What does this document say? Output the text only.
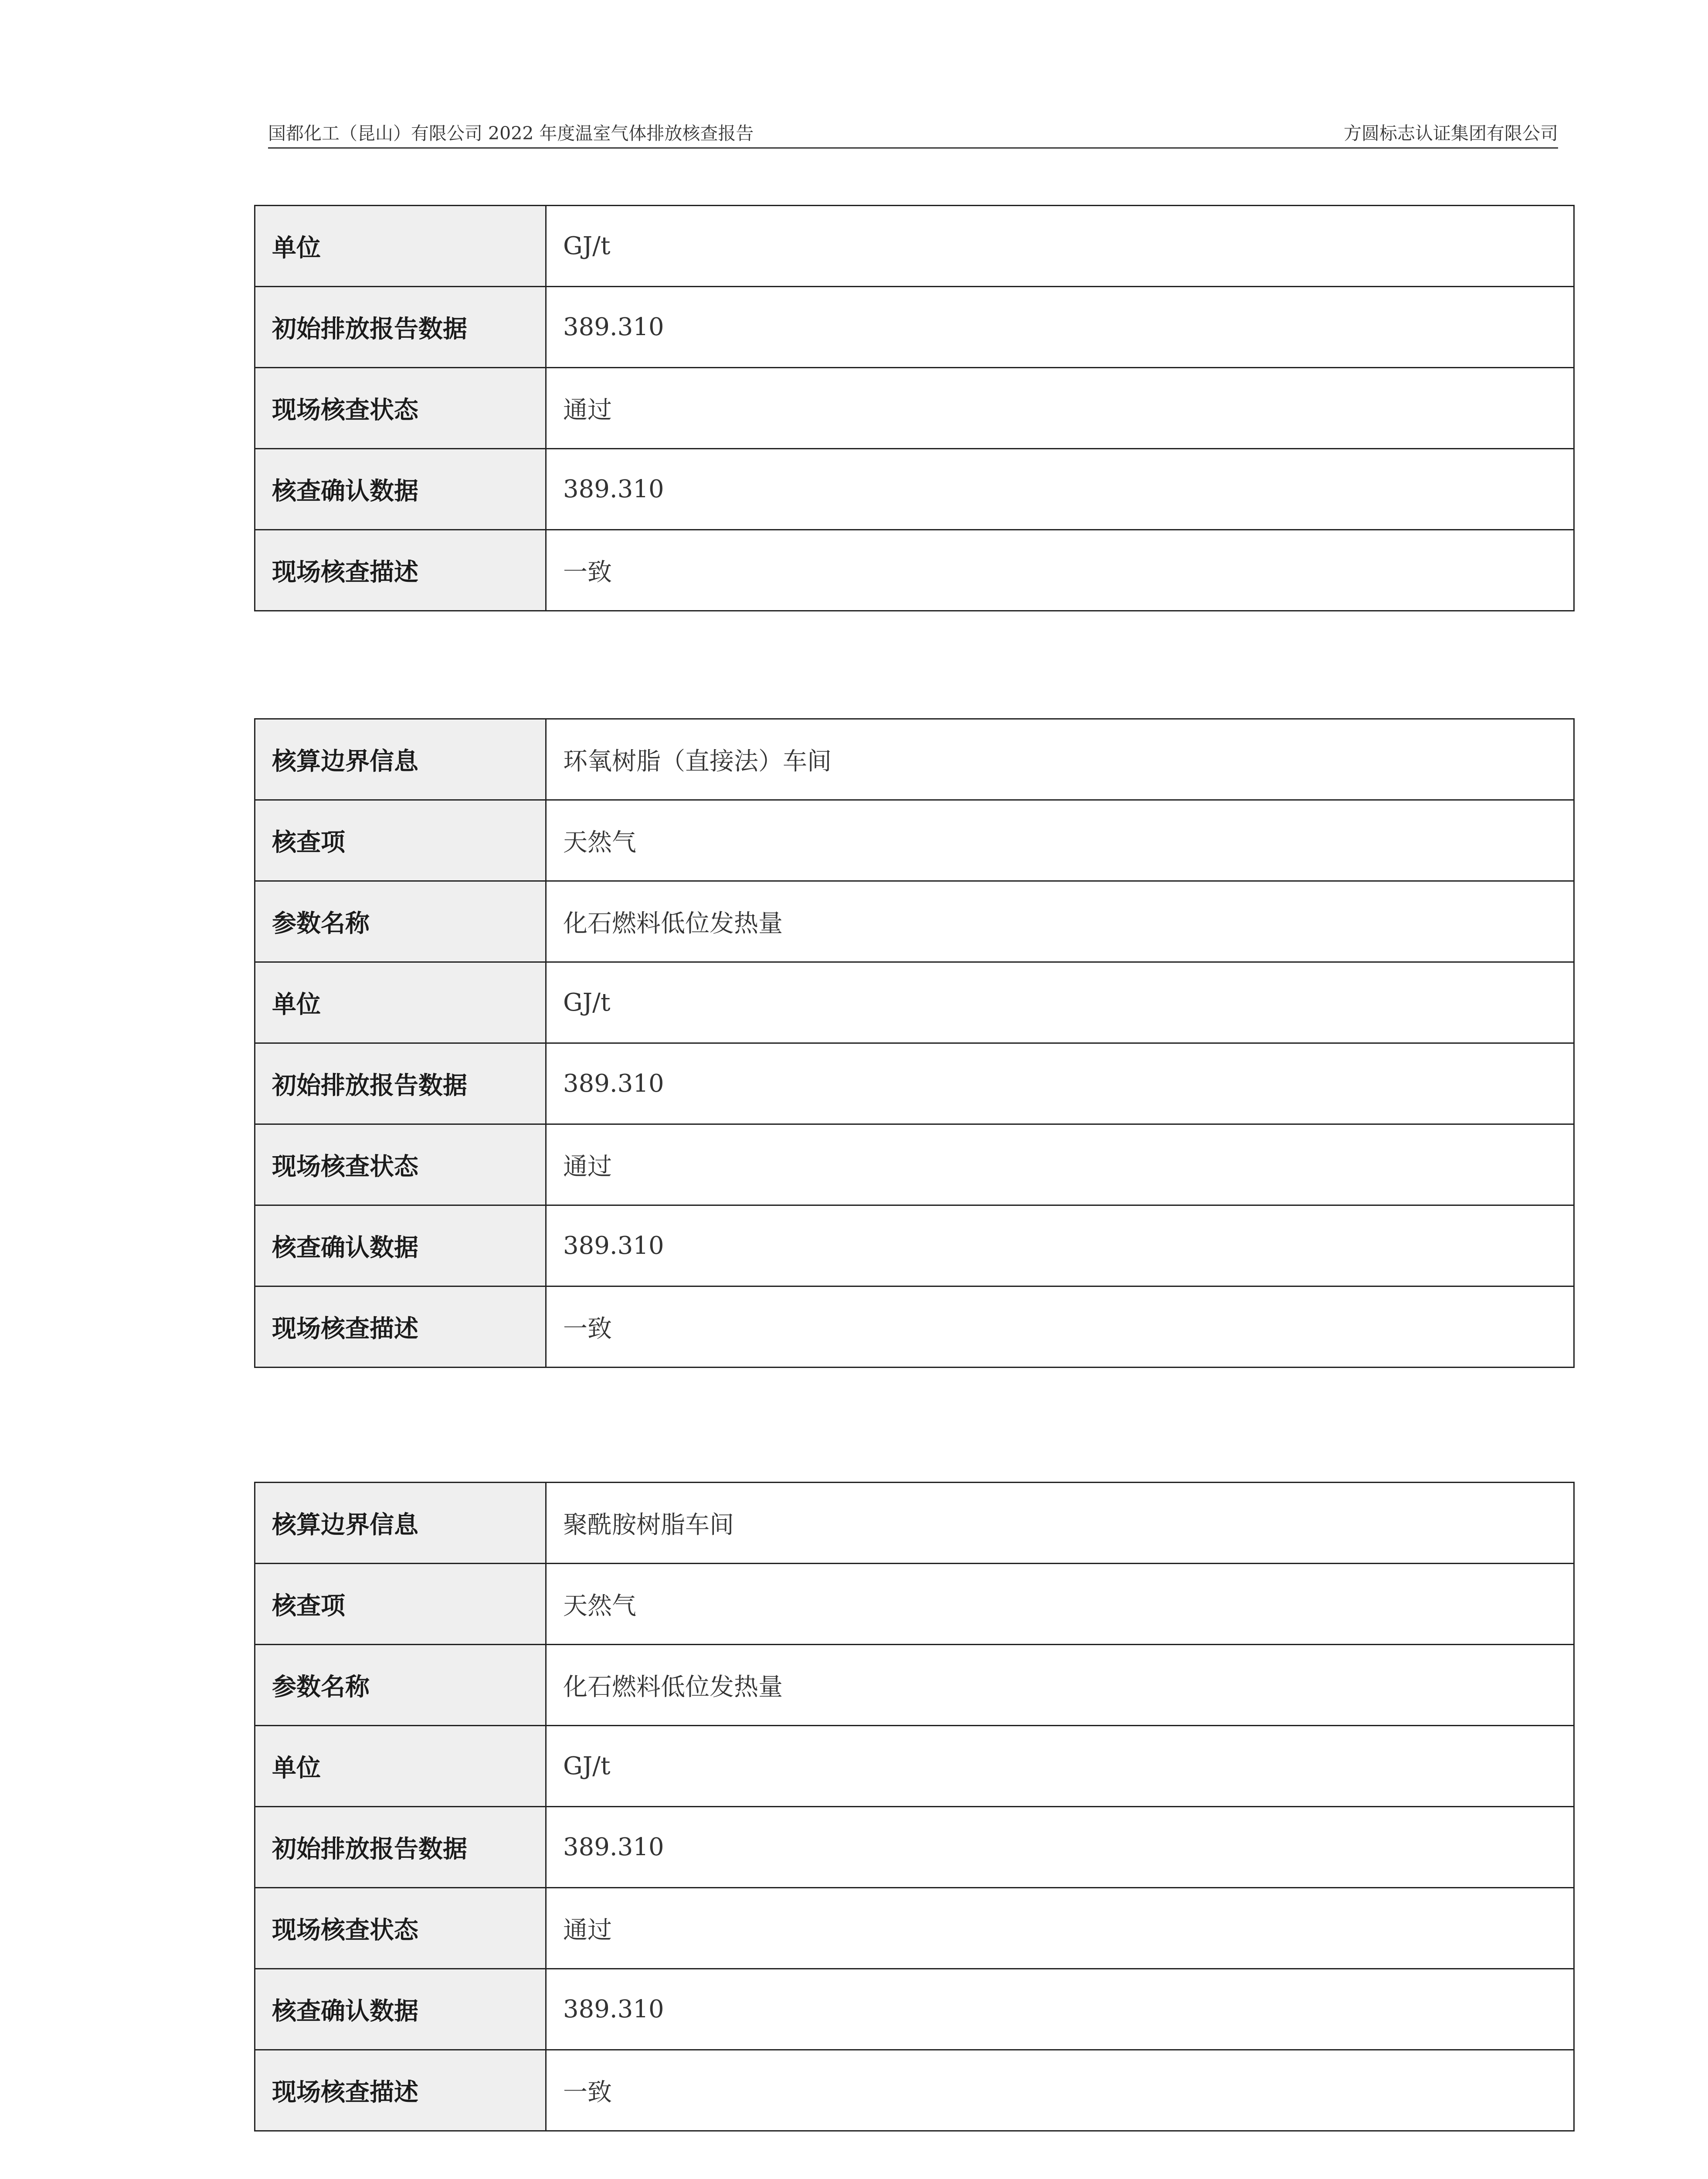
国都化工（昆山）有限公司 2022 年度温室气体排放核查报告	方圆标志认证集团有限公司
单位	GJ/t
初始排放报告数据	389.310
现场核查状态	通过
核查确认数据	389.310
现场核查描述	一致
核算边界信息	环氧树脂（直接法）车间
核查项	天然气
参数名称	化石燃料低位发热量
单位	GJ/t
初始排放报告数据	389.310
现场核查状态	通过
核查确认数据	389.310
现场核查描述	一致
核算边界信息	聚酰胺树脂车间
核查项	天然气
参数名称	化石燃料低位发热量
单位	GJ/t
初始排放报告数据	389.310
现场核查状态	通过
核查确认数据	389.310
现场核查描述	一致
